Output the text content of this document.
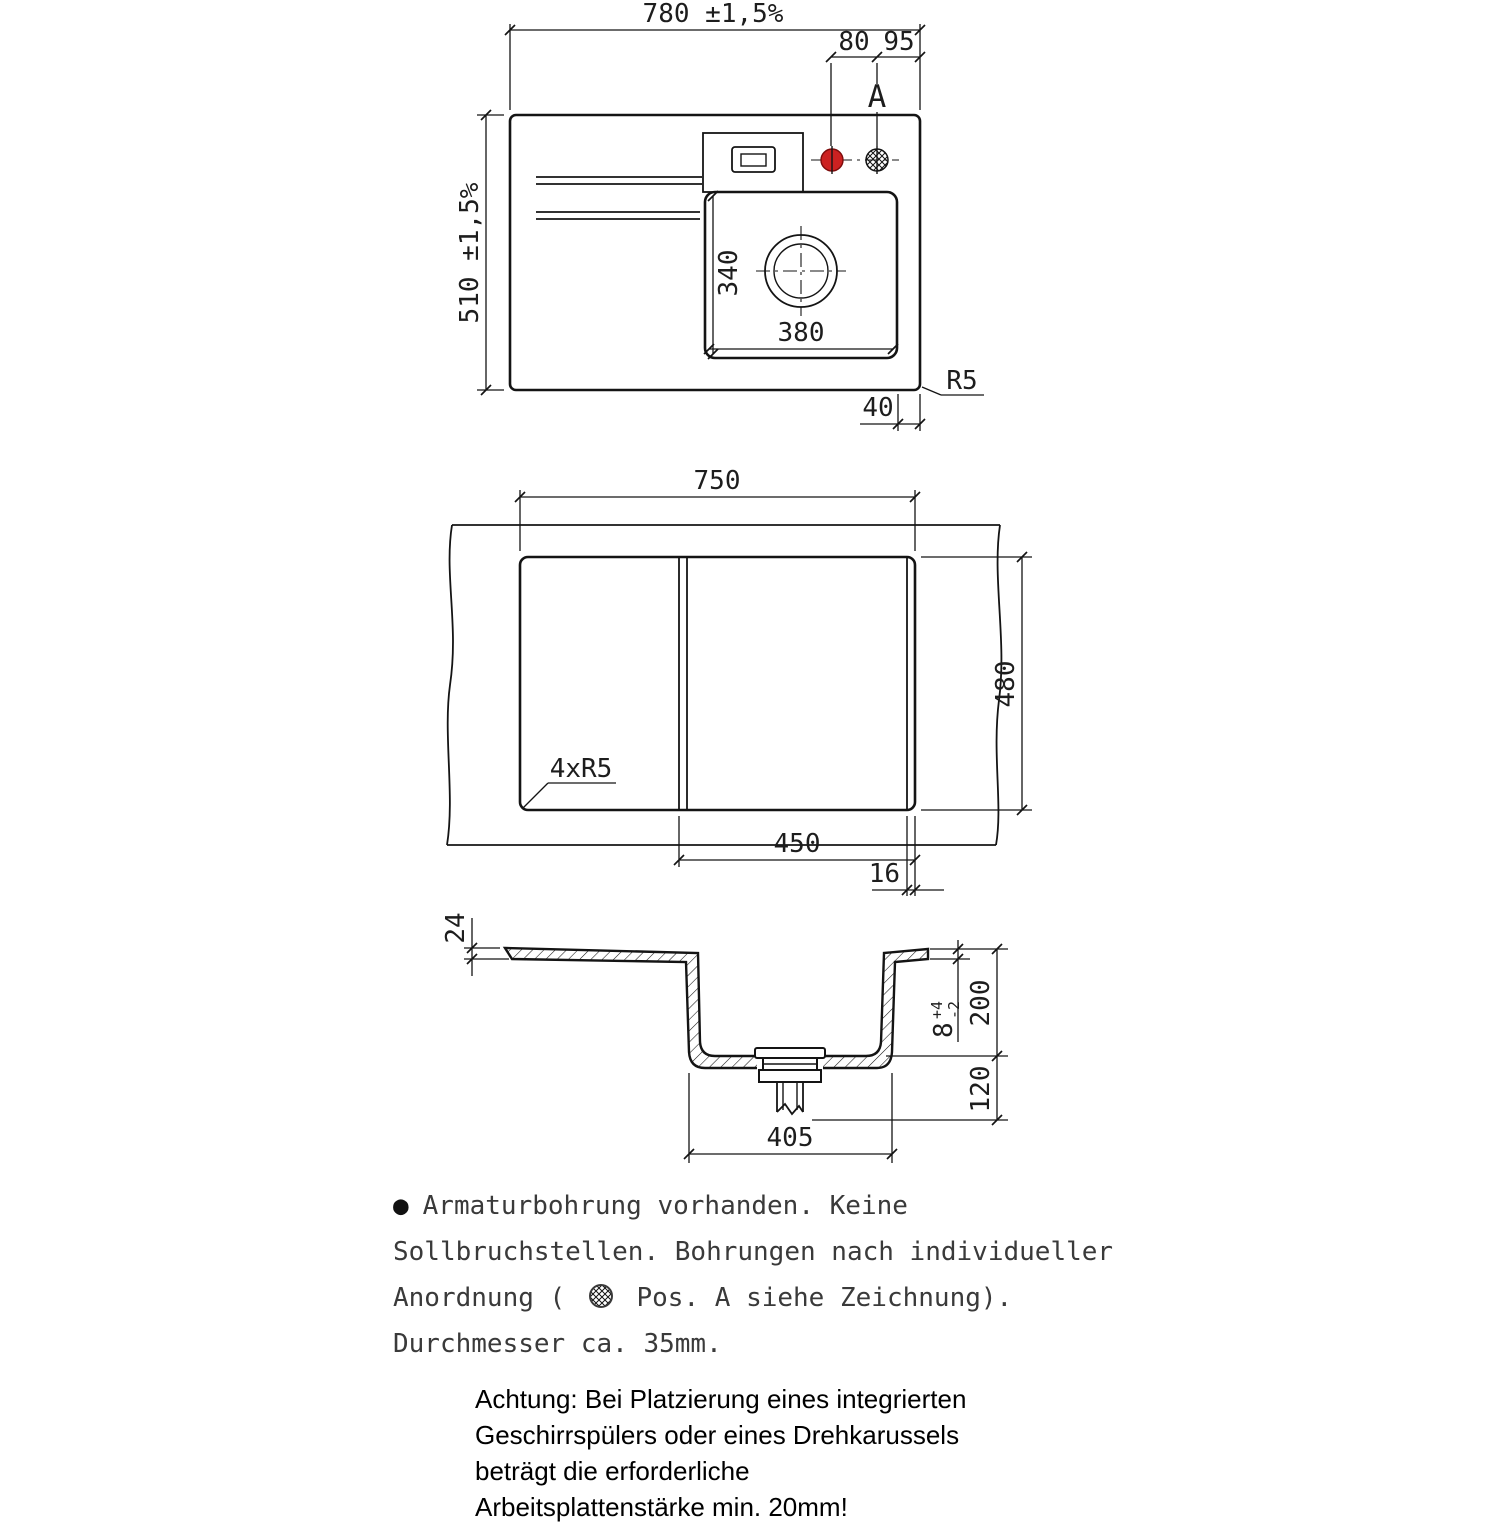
780 ±1,5%
80 95
A
510 ±1,5%	340
380
R5
40
750
480
4xR5
450
16
24
8
+4 -2 200
120
405
● Armaturbohrung vorhanden. Keine
Sollbruchstellen. Bohrungen nach individueller
Anordnung (	Pos. A siehe Zeichnung).
Durchmesser ca. 35mm.
Achtung: Bei Platzierung eines integrierten
Geschirrspülers oder eines Drehkarussels
beträgt die erforderliche
Arbeitsplattenstärke min. 20mm!
